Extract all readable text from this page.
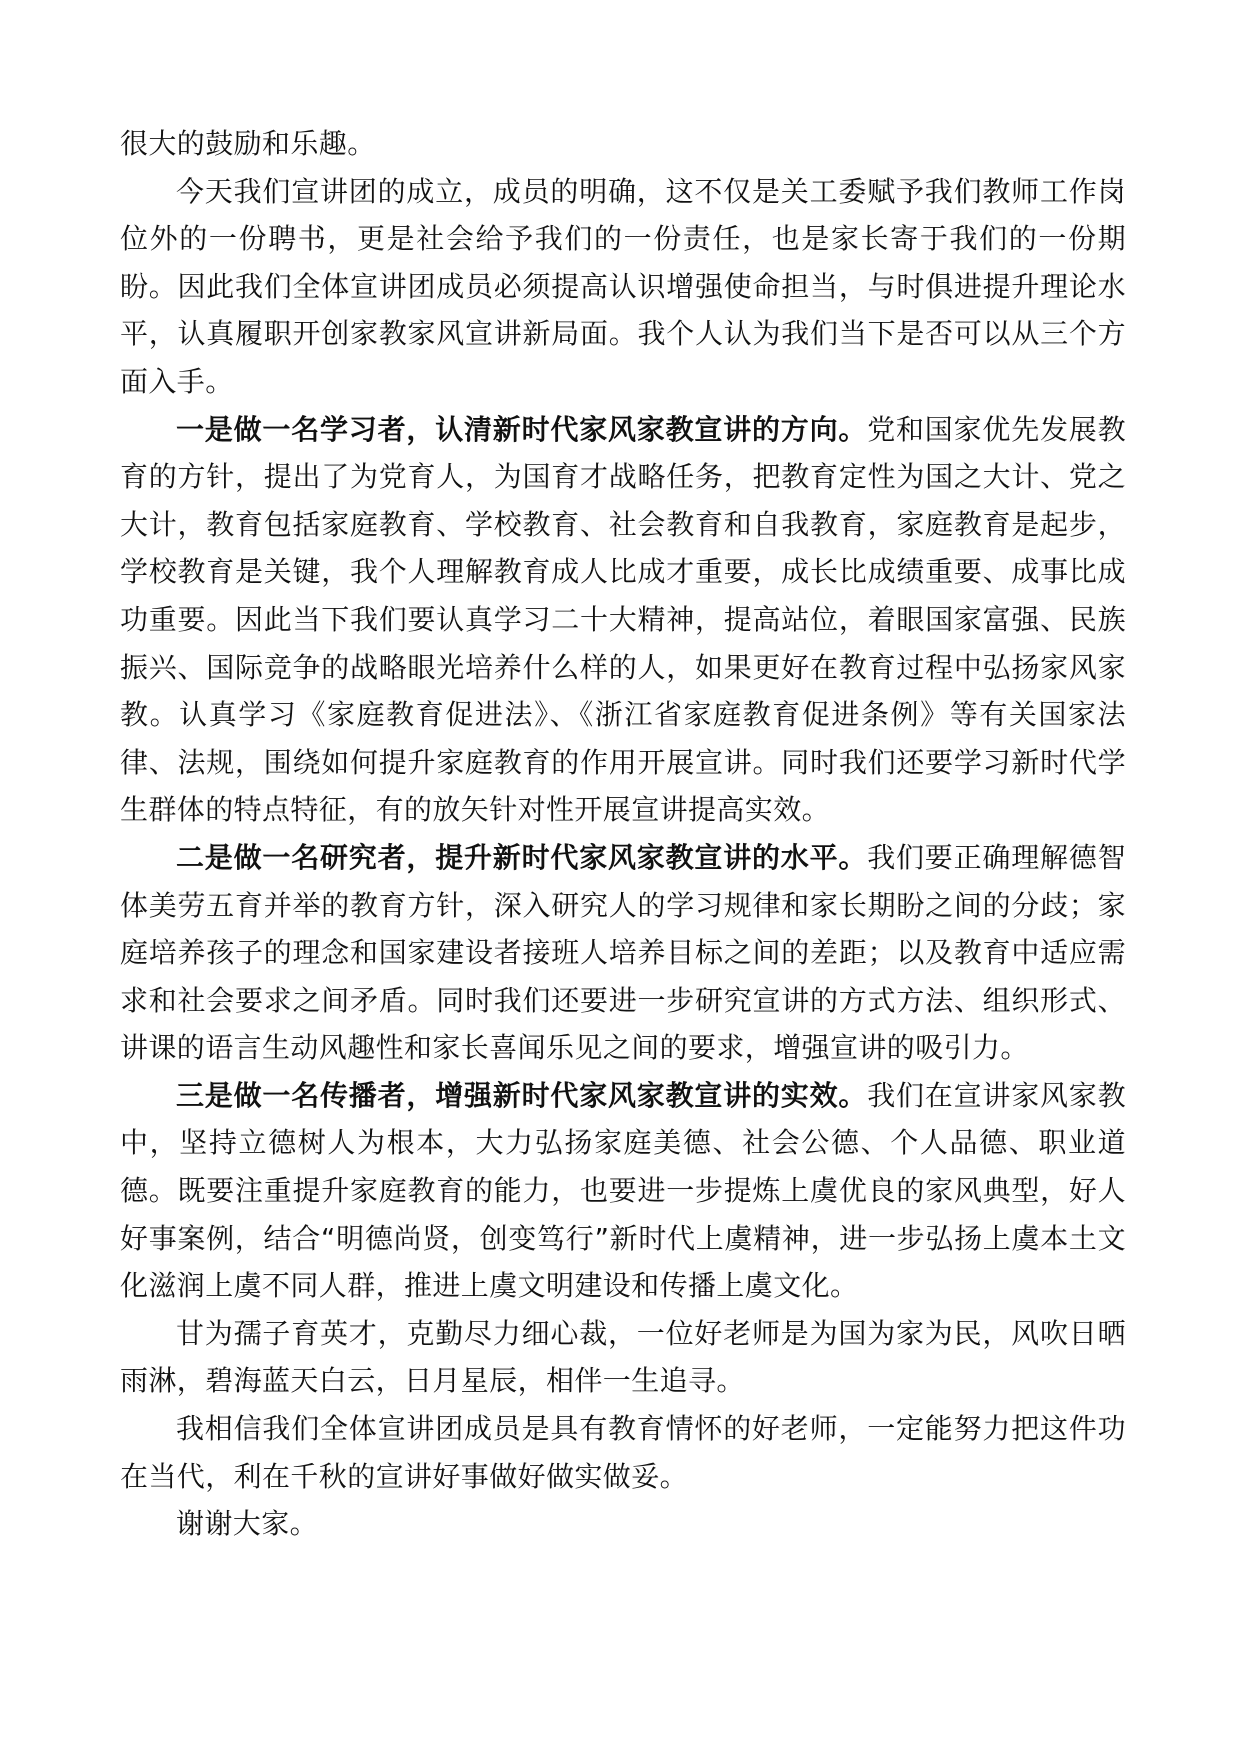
很大的鼓励和乐趣。

今天我们宣讲团的成立，成员的明确，这不仅是关工委赋予我们教师工作岗位外的一份聘书，更是社会给予我们的一份责任，也是家长寄于我们的一份期盼。因此我们全体宣讲团成员必须提高认识增强使命担当，与时俱进提升理论水平，认真履职开创家教家风宣讲新局面。我个人认为我们当下是否可以从三个方面入手。

一是做一名学习者，认清新时代家风家教宣讲的方向。党和国家优先发展教育的方针，提出了为党育人，为国育才战略任务，把教育定性为国之大计、党之大计，教育包括家庭教育、学校教育、社会教育和自我教育，家庭教育是起步，学校教育是关键，我个人理解教育成人比成才重要，成长比成绩重要、成事比成功重要。因此当下我们要认真学习二十大精神，提高站位，着眼国家富强、民族振兴、国际竞争的战略眼光培养什么样的人，如果更好在教育过程中弘扬家风家教。认真学习《家庭教育促进法》、《浙江省家庭教育促进条例》等有关国家法律、法规，围绕如何提升家庭教育的作用开展宣讲。同时我们还要学习新时代学生群体的特点特征，有的放矢针对性开展宣讲提高实效。

二是做一名研究者，提升新时代家风家教宣讲的水平。我们要正确理解德智体美劳五育并举的教育方针，深入研究人的学习规律和家长期盼之间的分歧；家庭培养孩子的理念和国家建设者接班人培养目标之间的差距；以及教育中适应需求和社会要求之间矛盾。同时我们还要进一步研究宣讲的方式方法、组织形式、讲课的语言生动风趣性和家长喜闻乐见之间的要求，增强宣讲的吸引力。

三是做一名传播者，增强新时代家风家教宣讲的实效。我们在宣讲家风家教中，坚持立德树人为根本，大力弘扬家庭美德、社会公德、个人品德、职业道德。既要注重提升家庭教育的能力，也要进一步提炼上虞优良的家风典型，好人好事案例，结合“明德尚贤，创变笃行”新时代上虞精神，进一步弘扬上虞本土文化滋润上虞不同人群，推进上虞文明建设和传播上虞文化。

甘为孺子育英才，克勤尽力细心裁，一位好老师是为国为家为民，风吹日晒雨淋，碧海蓝天白云，日月星辰，相伴一生追寻。

我相信我们全体宣讲团成员是具有教育情怀的好老师，一定能努力把这件功在当代，利在千秋的宣讲好事做好做实做妥。

谢谢大家。
